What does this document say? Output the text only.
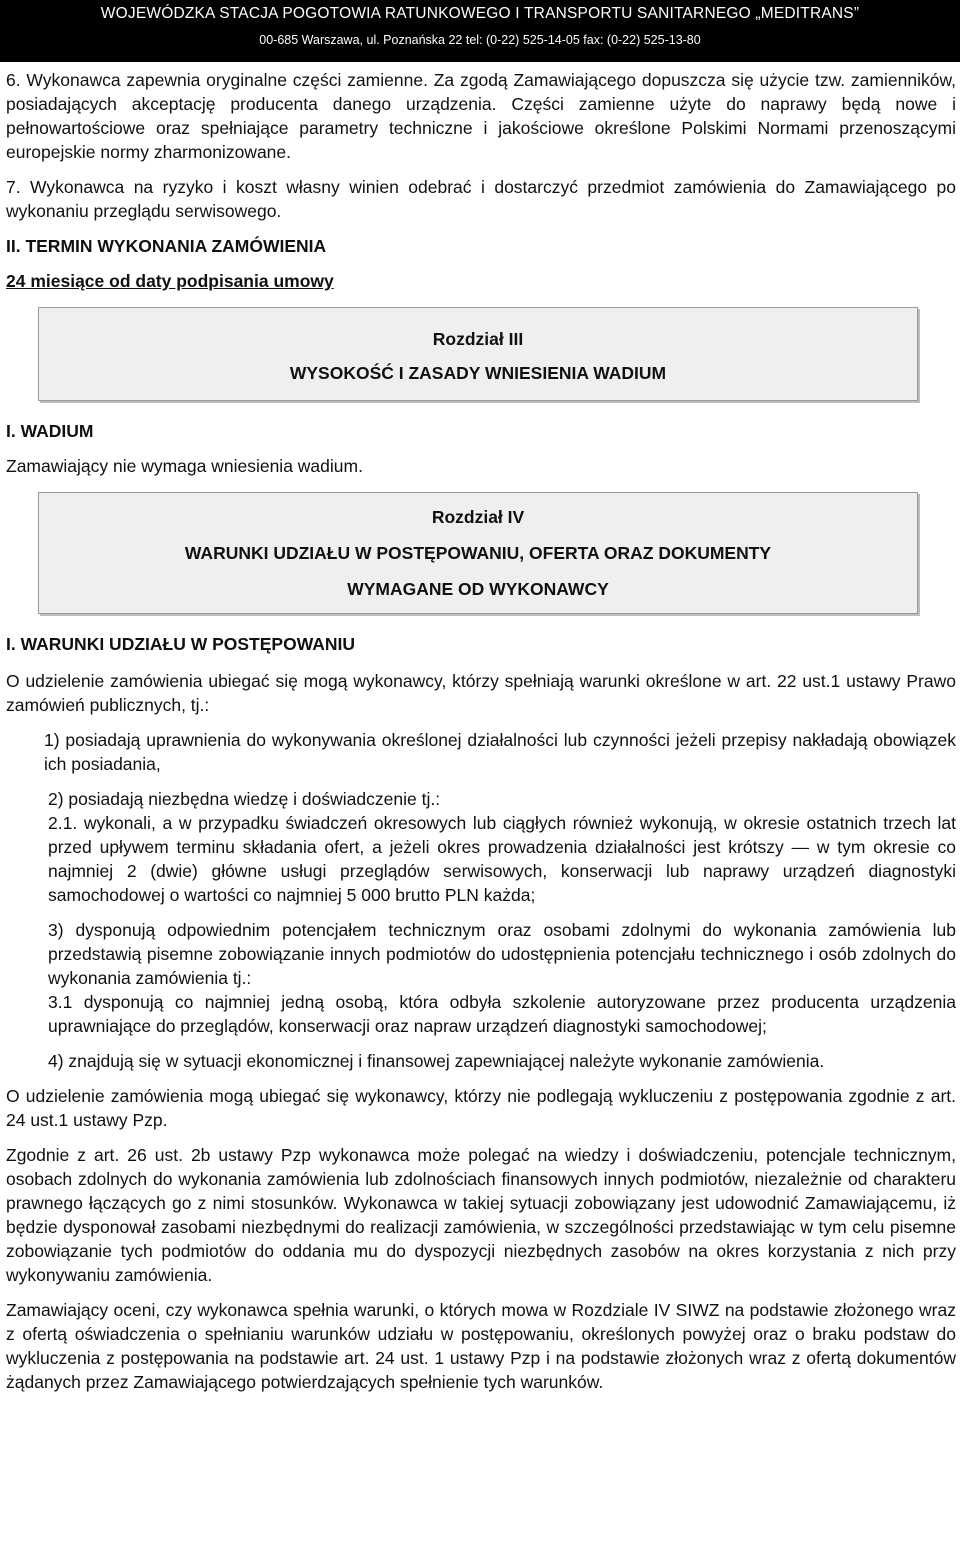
WOJEWÓDZKA STACJA POGOTOWIA RATUNKOWEGO I TRANSPORTU SANITARNEGO „MEDITRANS”
00-685 Warszawa, ul. Poznańska 22 tel: (0-22) 525-14-05 fax: (0-22) 525-13-80

6. Wykonawca zapewnia oryginalne części zamienne. Za zgodą Zamawiającego dopuszcza się użycie tzw. zamienników, posiadających akceptację producenta danego urządzenia. Części zamienne użyte do naprawy będą nowe i pełnowartościowe oraz spełniające parametry techniczne i jakościowe określone Polskimi Normami przenoszącymi europejskie normy zharmonizowane.

7. Wykonawca na ryzyko i koszt własny winien odebrać i dostarczyć przedmiot zamówienia do Zamawiającego po wykonaniu przeglądu serwisowego.

II. TERMIN WYKONANIA ZAMÓWIENIA

24 miesiące od daty podpisania umowy

Rozdział III
WYSOKOŚĆ I ZASADY WNIESIENIA WADIUM

I. WADIUM

Zamawiający nie wymaga wniesienia wadium.

Rozdział IV
WARUNKI UDZIAŁU W POSTĘPOWANIU, OFERTA ORAZ DOKUMENTY
WYMAGANE OD WYKONAWCY

I. WARUNKI UDZIAŁU W POSTĘPOWANIU

O udzielenie zamówienia ubiegać się mogą wykonawcy, którzy spełniają warunki określone w art. 22 ust.1 ustawy Prawo zamówień publicznych, tj.:

1) posiadają uprawnienia do wykonywania określonej działalności lub czynności jeżeli przepisy nakładają obowiązek ich posiadania,

2) posiadają niezbędna wiedzę i doświadczenie tj.:

2.1. wykonali, a w przypadku świadczeń okresowych lub ciągłych również wykonują, w okresie ostatnich trzech lat przed upływem terminu składania ofert, a jeżeli okres prowadzenia działalności jest krótszy — w tym okresie co najmniej 2 (dwie) główne usługi przeglądów serwisowych, konserwacji lub naprawy urządzeń diagnostyki samochodowej o wartości co najmniej 5 000 brutto PLN każda;

3) dysponują odpowiednim potencjałem technicznym oraz osobami zdolnymi do wykonania zamówienia lub przedstawią pisemne zobowiązanie innych podmiotów do udostępnienia potencjału technicznego i osób zdolnych do wykonania zamówienia tj.:

3.1 dysponują co najmniej jedną osobą, która odbyła szkolenie autoryzowane przez producenta urządzenia uprawniające do przeglądów, konserwacji oraz napraw urządzeń diagnostyki samochodowej;

4) znajdują się w sytuacji ekonomicznej i finansowej zapewniającej należyte wykonanie zamówienia.

O udzielenie zamówienia mogą ubiegać się wykonawcy, którzy nie podlegają wykluczeniu z postępowania zgodnie z art. 24 ust.1 ustawy Pzp.

Zgodnie z art. 26 ust. 2b ustawy Pzp wykonawca może polegać na wiedzy i doświadczeniu, potencjale technicznym, osobach zdolnych do wykonania zamówienia lub zdolnościach finansowych innych podmiotów, niezależnie od charakteru prawnego łączących go z nimi stosunków. Wykonawca w takiej sytuacji zobowiązany jest udowodnić Zamawiającemu, iż będzie dysponował zasobami niezbędnymi do realizacji zamówienia, w szczególności przedstawiając w tym celu pisemne zobowiązanie tych podmiotów do oddania mu do dyspozycji niezbędnych zasobów na okres korzystania z nich przy wykonywaniu zamówienia.

Zamawiający oceni, czy wykonawca spełnia warunki, o których mowa w Rozdziale IV SIWZ na podstawie złożonego wraz z ofertą oświadczenia o spełnianiu warunków udziału w postępowaniu, określonych powyżej oraz o braku podstaw do wykluczenia z postępowania na podstawie art. 24 ust. 1 ustawy Pzp i na podstawie złożonych wraz z ofertą dokumentów żądanych przez Zamawiającego potwierdzających spełnienie tych warunków.
